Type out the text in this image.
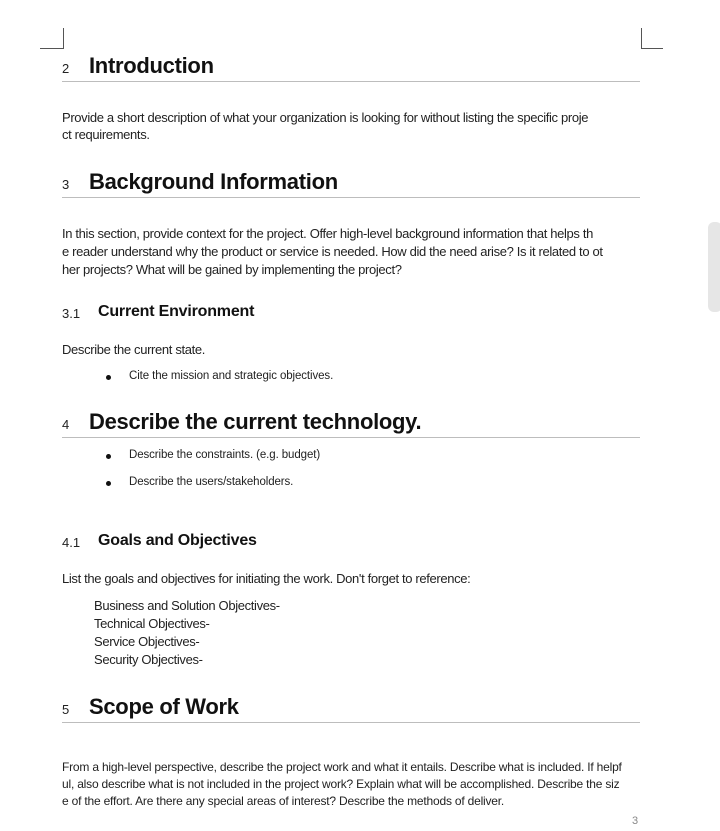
2 Introduction
Provide a short description of what your organization is looking for without listing the specific proje
ct requirements.
3 Background Information
In this section, provide context for the project. Offer high-level background information that helps th
e reader understand why the product or service is needed. How did the need arise? Is it related to ot
her projects? What will be gained by implementing the project?
3.1 Current Environment
Describe the current state.
Cite the mission and strategic objectives.
4 Describe the current technology.
Describe the constraints. (e.g. budget)
Describe the users/stakeholders.
4.1 Goals and Objectives
List the goals and objectives for initiating the work. Don't forget to reference:
Business and Solution Objectives-
Technical Objectives-
Service Objectives-
Security Objectives-
5 Scope of Work
From a high-level perspective, describe the project work and what it entails. Describe what is included. If helpf
ul, also describe what is not included in the project work? Explain what will be accomplished. Describe the siz
e of the effort. Are there any special areas of interest? Describe the methods of deliver.
3
